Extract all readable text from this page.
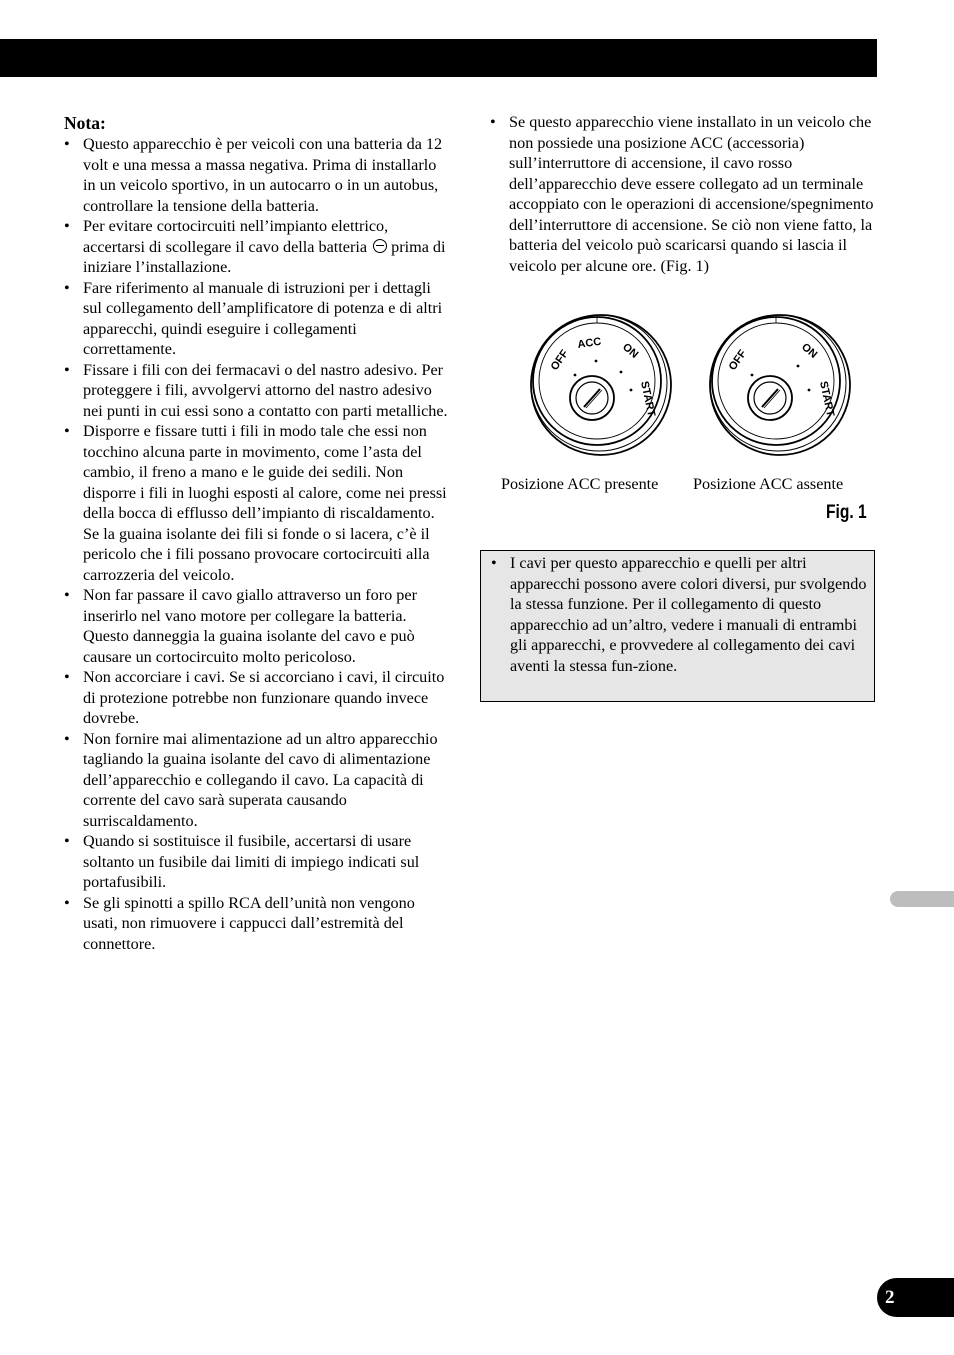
Nota:
• Questo apparecchio è per veicoli con una batteria da 12 volt e una messa a massa negativa. Prima di installarlo in un veicolo sportivo, in un autocarro o in un autobus, controllare la tensione della batteria.
• Per evitare cortocircuiti nell’impianto elettrico, accertarsi di scollegare il cavo della batteria prima di iniziare l’installazione.
• Fare riferimento al manuale di istruzioni per i dettagli sul collegamento dell’amplificatore di potenza e di altri apparecchi, quindi eseguire i collegamenti correttamente.
• Fissare i fili con dei fermacavi o del nastro adesivo. Per proteggere i fili, avvolgervi attorno del nastro adesivo nei punti in cui essi sono a contatto con parti metalliche.
• Disporre e fissare tutti i fili in modo tale che essi non tocchino alcuna parte in movimento, come l’asta del cambio, il freno a mano e le guide dei sedili. Non disporre i fili in luoghi esposti al calore, come nei pressi della bocca di efflusso dell’impianto di riscaldamento. Se la guaina isolante dei fili si fonde o si lacera, c’è il pericolo che i fili possano provocare cortocircuiti alla carrozzeria del veicolo.
• Non far passare il cavo giallo attraverso un foro per inserirlo nel vano motore per collegare la batteria. Questo danneggia la guaina isolante del cavo e può causare un cortocircuito molto pericoloso.
• Non accorciare i cavi. Se si accorciano i cavi, il circuito di protezione potrebbe non funzionare quando invece dovrebe.
• Non fornire mai alimentazione ad un altro apparecchio tagliando la guaina isolante del cavo di alimentazione dell’apparecchio e collegando il cavo. La capacità di corrente del cavo sarà superata causando surriscaldamento.
• Quando si sostituisce il fusibile, accertarsi di usare soltanto un fusibile dai limiti di impiego indicati sul portafusibili.
• Se gli spinotti a spillo RCA dell’unità non vengono usati, non rimuovere i cappucci dall’estremità del connettore.
• Se questo apparecchio viene installato in un veicolo che non possiede una posizione ACC (accessoria) sull’interruttore di accensione, il cavo rosso dell’apparecchio deve essere collegato ad un terminale accoppiato con le operazioni di accensione/spegnimento dell’interruttore di accensione. Se ciò non viene fatto, la batteria del veicolo può scaricarsi quando si lascia il veicolo per alcune ore. (Fig. 1)
OFF
ACC ON
START
OFF	ON
START
Posizione ACC presente Posizione ACC assente
Fig. 1
• I cavi per questo apparecchio e quelli per altri apparecchi possono avere colori diversi, pur svolgendo la stessa funzione. Per il collegamento di questo apparecchio ad un’altro, vedere i manuali di entrambi gli apparecchi, e provvedere al collegamento dei cavi aventi la stessa fun-zione.
2
